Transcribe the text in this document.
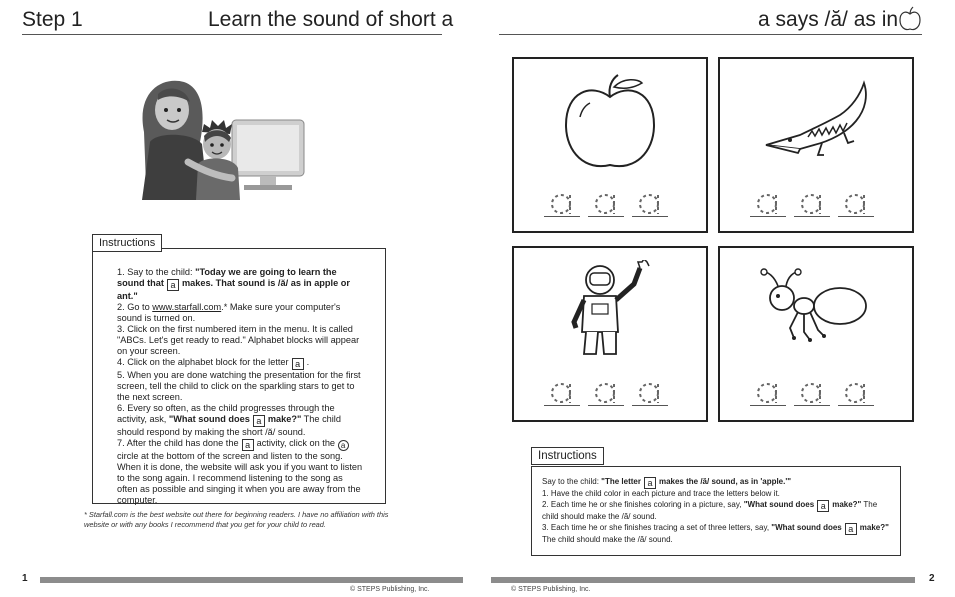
Step 1	Learn the sound of short a

1. Say to the child: "Today we are going to learn the sound that a makes. That sound is /ă/ as in apple or ant."

2. Go to www.starfall.com.* Make sure your computer's sound is turned on.

3. Click on the first numbered item in the menu. It is called "ABCs. Let's get ready to read." Alphabet blocks will appear on your screen.

4. Click on the alphabet block for the letter a .

5. When you are done watching the presentation for the first screen, tell the child to click on the sparkling stars to get to the next screen.

6. Every so often, as the child progresses through the activity, ask, "What sound does a make?" The child should respond by making the short /ă/ sound.

7. After the child has done the a activity, click on the a circle at the bottom of the screen and listen to the song. When it is done, the website will ask you if you want to listen to the song again. I recommend listening to the song as often as possible and singing it when you are away from the computer.

Instructions
* Starfall.com is the best website out there for beginning readers. I have no affiliation with this website or with any books I recommend that you get for your child to read.
1
© STEPS Publishing, Inc.
a says /ă/ as in

Say to the child: "The letter a makes the /ă/ sound, as in 'apple.'"

1. Have the child color in each picture and trace the letters below it.

2. Each time he or she finishes coloring in a picture, say, "What sound does a make?" The child should make the /ă/ sound.

3. Each time he or she finishes tracing a set of three letters, say, "What sound does a make?" The child should make the /ă/ sound.

Instructions
2
© STEPS Publishing, Inc.
